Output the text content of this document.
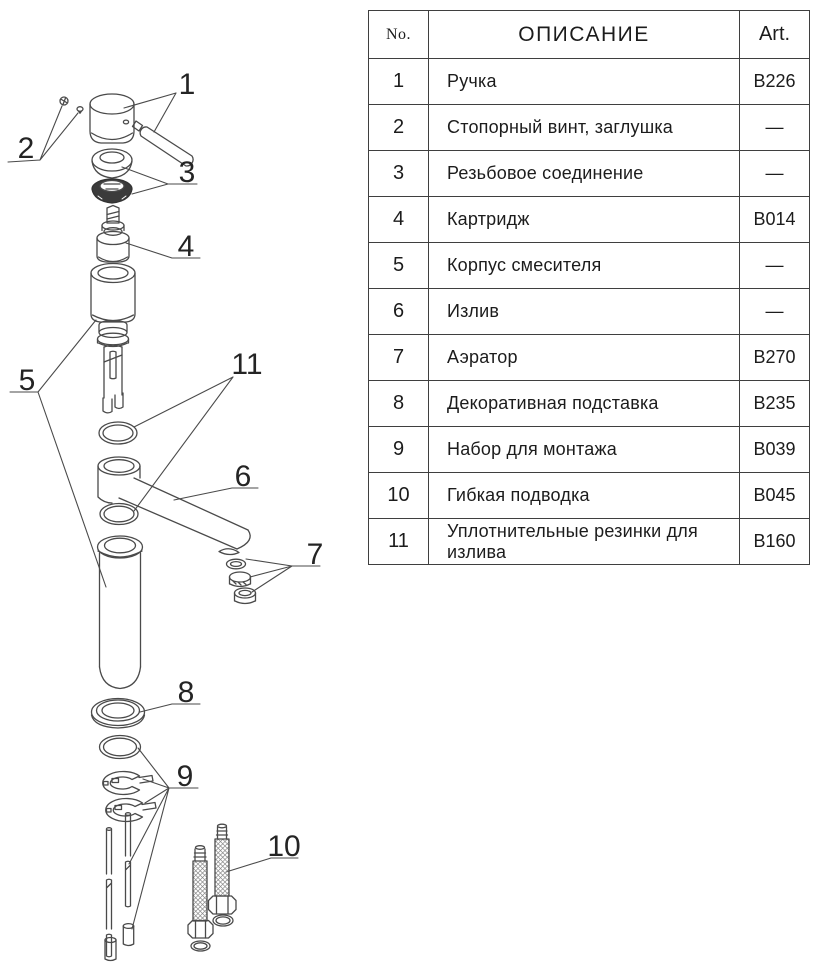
1
2
3
4
5
6
7
8
9
10
11
No.	ОПИСАНИЕ	Art.
1	Ручка	B226
2	Стопорный винт, заглушка	—
3	Резьбовое соединение	—
4	Картридж	B014
5	Корпус смесителя	—
6	Излив	—
7	Аэратор	B270
8	Декоративная подставка	B235
9	Набор для монтажа	B039
10	Гибкая подводка	B045
11	Уплотнительные резинки для излива	B160
